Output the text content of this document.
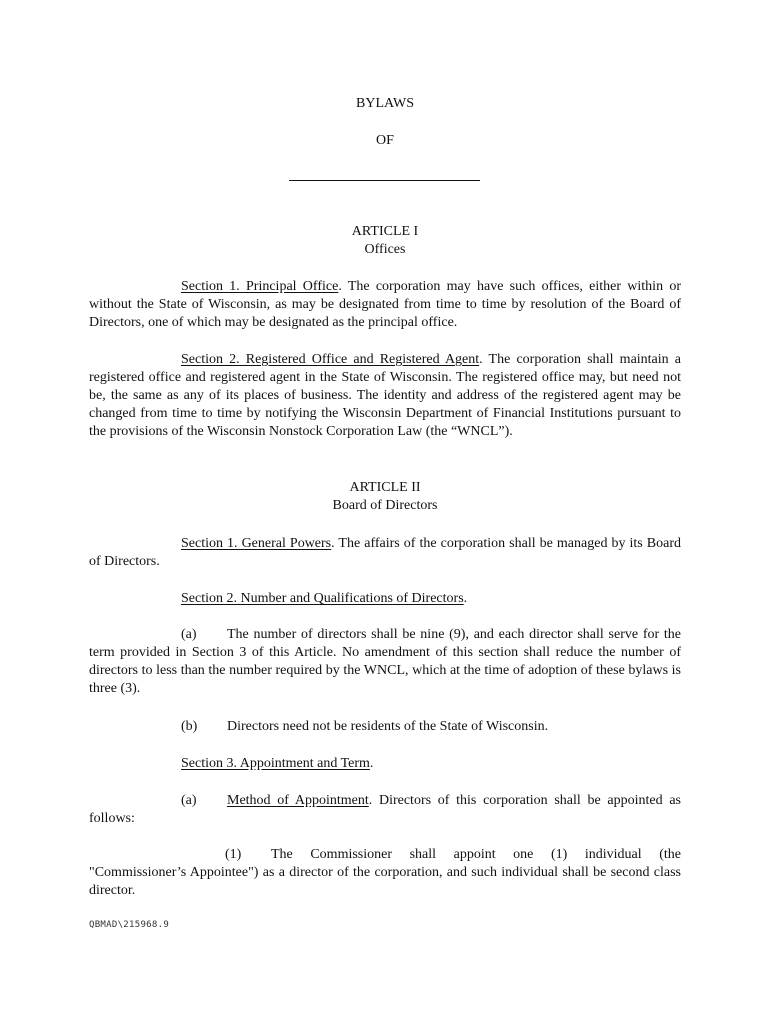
BYLAWS
OF
ARTICLE I
Offices
Section 1. Principal Office. The corporation may have such offices, either within or without the State of Wisconsin, as may be designated from time to time by resolution of the Board of Directors, one of which may be designated as the principal office.
Section 2. Registered Office and Registered Agent. The corporation shall maintain a registered office and registered agent in the State of Wisconsin. The registered office may, but need not be, the same as any of its places of business. The identity and address of the registered agent may be changed from time to time by notifying the Wisconsin Department of Financial Institutions pursuant to the provisions of the Wisconsin Nonstock Corporation Law (the “WNCL”).
ARTICLE II
Board of Directors
Section 1. General Powers. The affairs of the corporation shall be managed by its Board of Directors.
Section 2. Number and Qualifications of Directors.
(a) The number of directors shall be nine (9), and each director shall serve for the term provided in Section 3 of this Article. No amendment of this section shall reduce the number of directors to less than the number required by the WNCL, which at the time of adoption of these bylaws is three (3).
(b) Directors need not be residents of the State of Wisconsin.
Section 3. Appointment and Term.
(a) Method of Appointment. Directors of this corporation shall be appointed as follows:
(1) The Commissioner shall appoint one (1) individual (the "Commissioner’s Appointee") as a director of the corporation, and such individual shall be second class director.
QBMAD\215968.9
